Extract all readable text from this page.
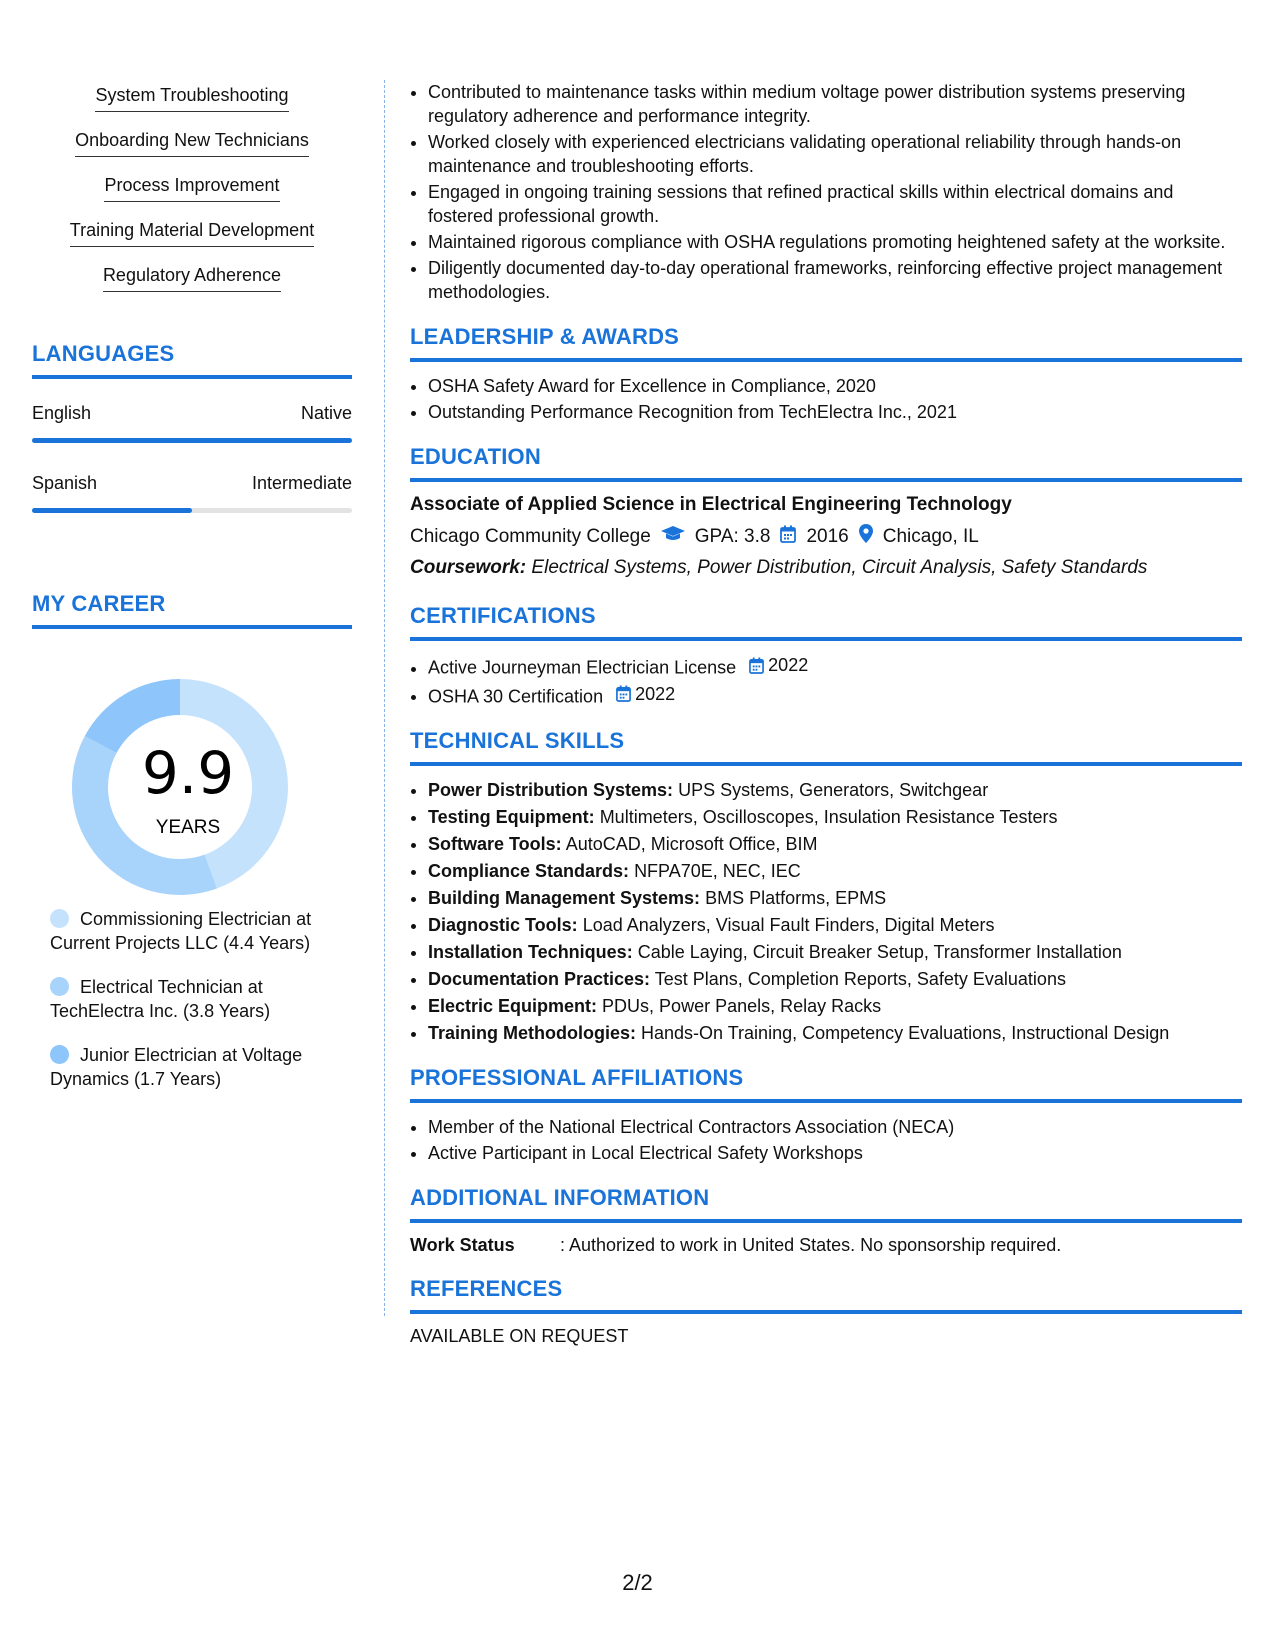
System Troubleshooting
Onboarding New Technicians
Process Improvement
Training Material Development
Regulatory Adherence
LANGUAGES
English	Native
Spanish	Intermediate
MY CAREER
9.9
YEARS
Commissioning Electrician at Current Projects LLC (4.4 Years)
Electrical Technician at TechElectra Inc. (3.8 Years)
Junior Electrician at Voltage Dynamics (1.7 Years)
• Contributed to maintenance tasks within medium voltage power distribution systems preserving regulatory adherence and performance integrity.
• Worked closely with experienced electricians validating operational reliability through hands-on maintenance and troubleshooting efforts.
• Engaged in ongoing training sessions that refined practical skills within electrical domains and fostered professional growth.
• Maintained rigorous compliance with OSHA regulations promoting heightened safety at the worksite.
• Diligently documented day-to-day operational frameworks, reinforcing effective project management methodologies.
LEADERSHIP & AWARDS
• OSHA Safety Award for Excellence in Compliance, 2020
• Outstanding Performance Recognition from TechElectra Inc., 2021
EDUCATION
Associate of Applied Science in Electrical Engineering Technology
Chicago Community College GPA: 3.8 2016 Chicago, IL
Coursework: Electrical Systems, Power Distribution, Circuit Analysis, Safety Standards
CERTIFICATIONS
• Active Journeyman Electrician License 2022
• OSHA 30 Certification 2022
TECHNICAL SKILLS
• Power Distribution Systems: UPS Systems, Generators, Switchgear
• Testing Equipment: Multimeters, Oscilloscopes, Insulation Resistance Testers
• Software Tools: AutoCAD, Microsoft Office, BIM
• Compliance Standards: NFPA70E, NEC, IEC
• Building Management Systems: BMS Platforms, EPMS
• Diagnostic Tools: Load Analyzers, Visual Fault Finders, Digital Meters
• Installation Techniques: Cable Laying, Circuit Breaker Setup, Transformer Installation
• Documentation Practices: Test Plans, Completion Reports, Safety Evaluations
• Electric Equipment: PDUs, Power Panels, Relay Racks
• Training Methodologies: Hands-On Training, Competency Evaluations, Instructional Design
PROFESSIONAL AFFILIATIONS
• Member of the National Electrical Contractors Association (NECA)
• Active Participant in Local Electrical Safety Workshops
ADDITIONAL INFORMATION
Work Status	: Authorized to work in United States. No sponsorship required.
REFERENCES
AVAILABLE ON REQUEST
2/2
